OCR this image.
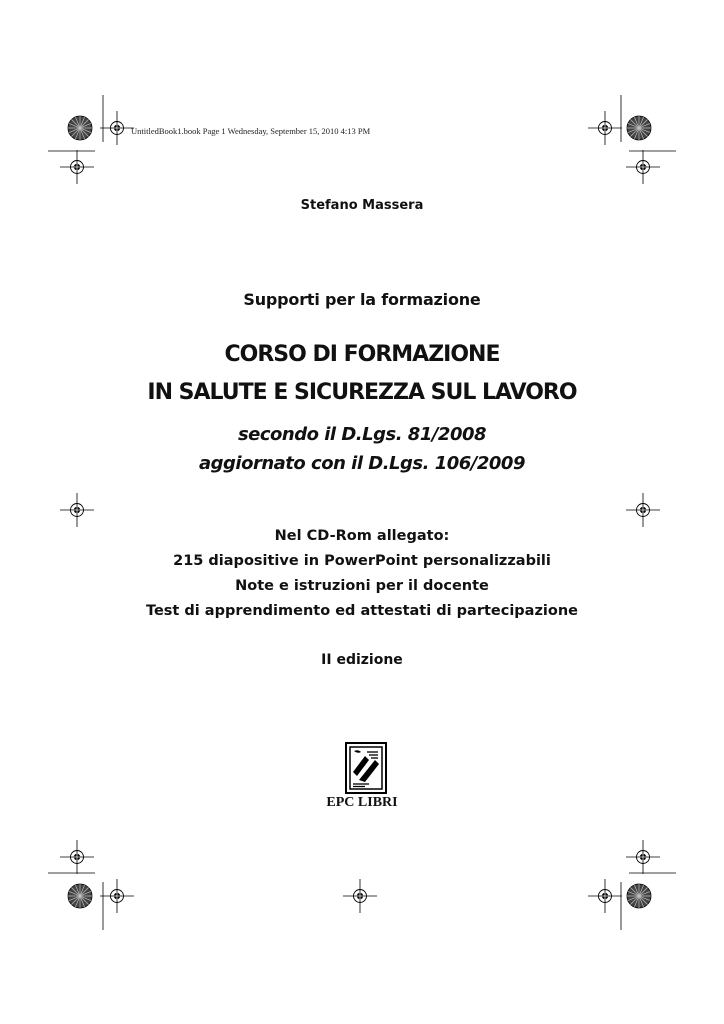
UntitledBook1.book Page 1 Wednesday, September 15, 2010 4:13 PM
Stefano Massera
Supporti per la formazione
CORSO DI FORMAZIONE
IN SALUTE E SICUREZZA SUL LAVORO
secondo il D.Lgs. 81/2008
aggiornato con il D.Lgs. 106/2009
Nel CD-Rom allegato:
215 diapositive in PowerPoint personalizzabili
Note e istruzioni per il docente
Test di apprendimento ed attestati di partecipazione
II edizione
EPC LIBRI
